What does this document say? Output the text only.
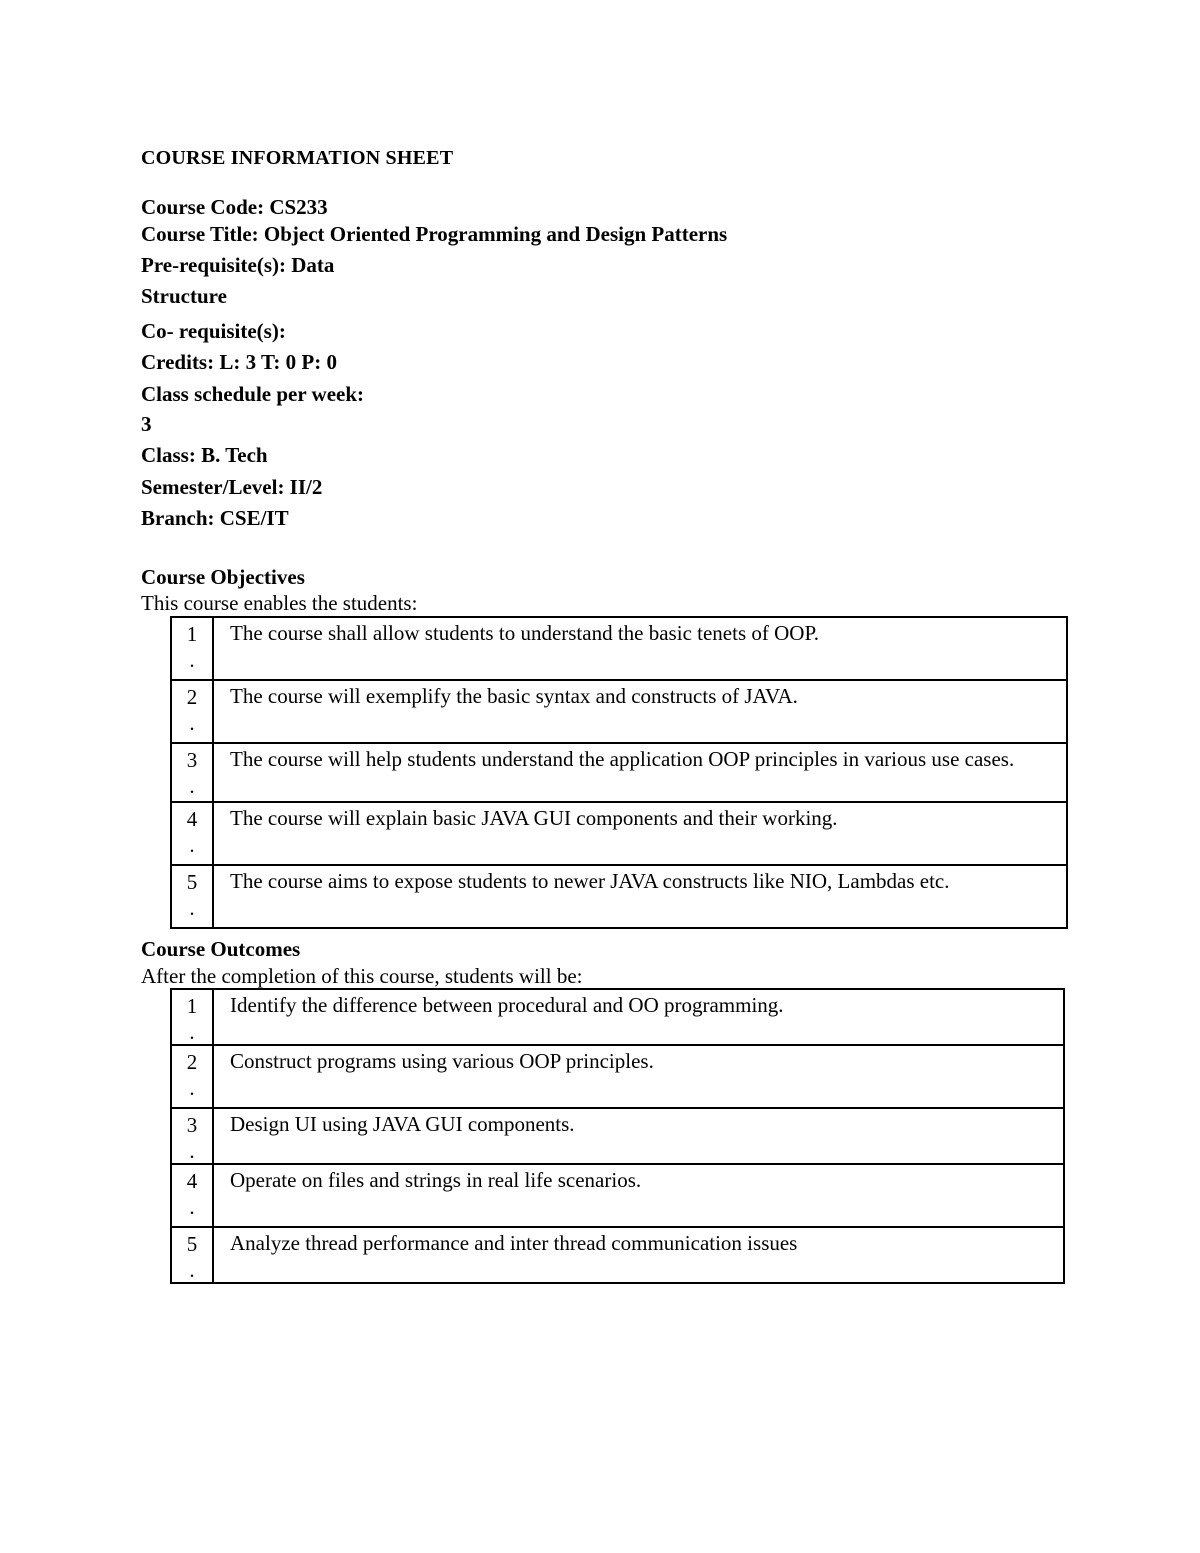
COURSE INFORMATION SHEET
Course Code: CS233
Course Title: Object Oriented Programming and Design Patterns
Pre-requisite(s): Data
Structure
Co- requisite(s):
Credits: L: 3 T: 0 P: 0
Class schedule per week:
3
Class: B. Tech
Semester/Level: II/2
Branch: CSE/IT
Course Objectives
This course enables the students:
1
.	The course shall allow students to understand the basic tenets of OOP.
2
.	The course will exemplify the basic syntax and constructs of JAVA.
3
.	The course will help students understand the application OOP principles in various use cases.
4
.	The course will explain basic JAVA GUI components and their working.
5
.	The course aims to expose students to newer JAVA constructs like NIO, Lambdas etc.
Course Outcomes
After the completion of this course, students will be:
1
.	Identify the difference between procedural and OO programming.
2
.	Construct programs using various OOP principles.
3
.	Design UI using JAVA GUI components.
4
.	Operate on files and strings in real life scenarios.
5
.	Analyze thread performance and inter thread communication issues
